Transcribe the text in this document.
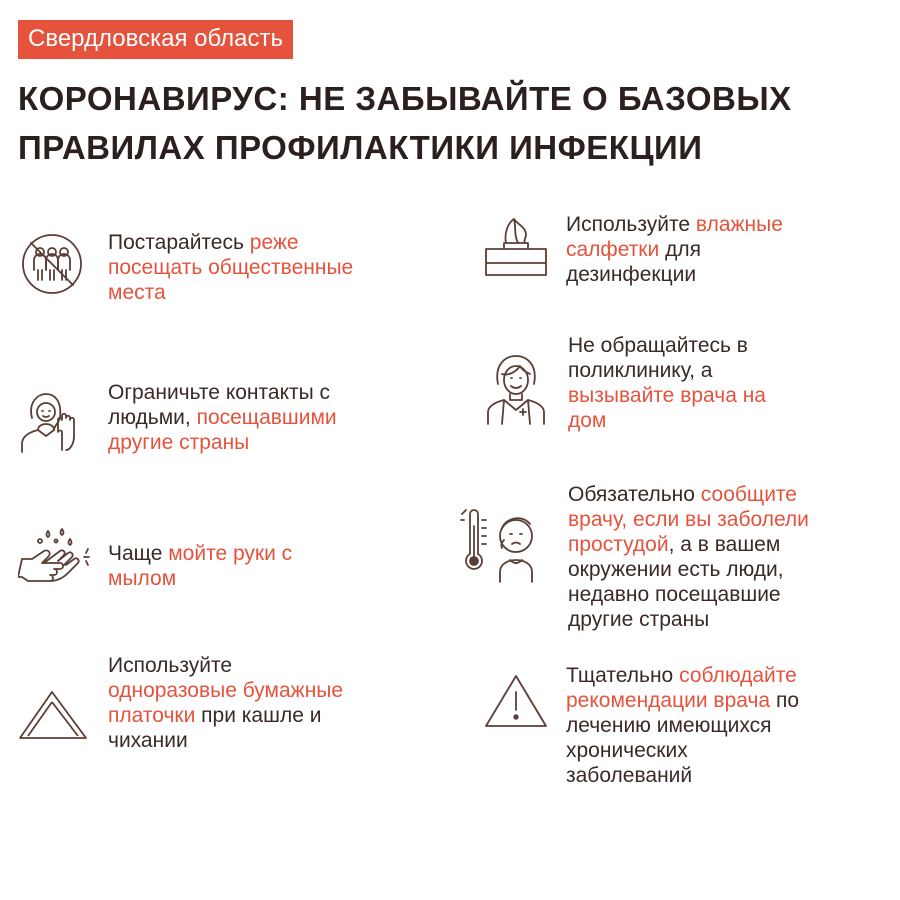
Свердловская область
КОРОНАВИРУС: НЕ ЗАБЫВАЙТЕ О БАЗОВЫХ
ПРАВИЛАХ ПРОФИЛАКТИКИ ИНФЕКЦИИ
Постарайтесь реже
посещать общественные
места
Ограничьте контакты с
людьми, посещавшими
другие страны
Чаще мойте руки с
мылом
Используйте
одноразовые бумажные
платочки при кашле и
чихании
Используйте влажные
салфетки для
дезинфекции
Не обращайтесь в
поликлинику, а
вызывайте врача на
дом
Обязательно сообщите
врачу, если вы заболели
простудой, а в вашем
окружении есть люди,
недавно посещавшие
другие страны
Тщательно соблюдайте
рекомендации врача по
лечению имеющихся
хронических
заболеваний
